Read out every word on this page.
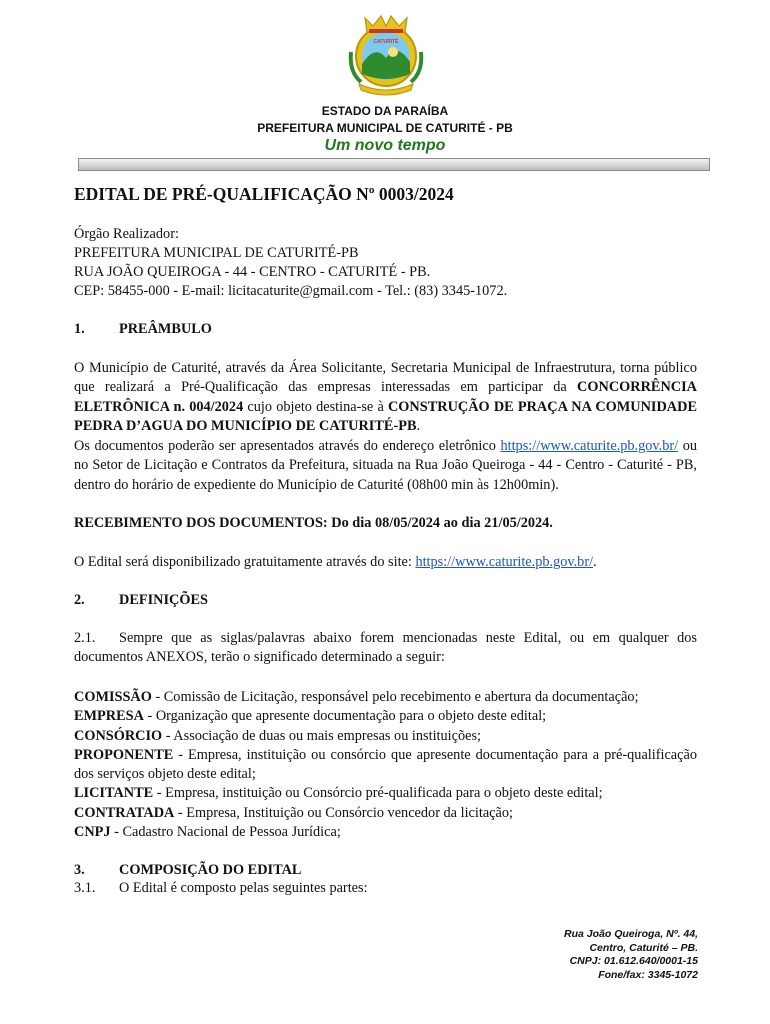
CATURITÉ
ESTADO DA PARAÍBA
PREFEITURA MUNICIPAL DE CATURITÉ - PB
Um novo tempo
EDITAL DE PRÉ-QUALIFICAÇÃO Nº 0003/2024
Órgão Realizador:
PREFEITURA MUNICIPAL DE CATURITÉ-PB
RUA JOÃO QUEIROGA - 44 - CENTRO - CATURITÉ - PB.
CEP: 58455-000 - E-mail: licitacaturite@gmail.com - Tel.: (83) 3345-1072.
1. PREÂMBULO

O Município de Caturité, através da Área Solicitante, Secretaria Municipal de Infraestrutura, torna público que realizará a Pré-Qualificação das empresas interessadas em participar da CONCORRÊNCIA ELETRÔNICA n. 004/2024 cujo objeto destina-se à CONSTRUÇÃO DE PRAÇA NA COMUNIDADE PEDRA D’AGUA DO MUNICÍPIO DE CATURITÉ-PB.

Os documentos poderão ser apresentados através do endereço eletrônico https://www.caturite.pb.gov.br/ ou no Setor de Licitação e Contratos da Prefeitura, situada na Rua João Queiroga - 44 - Centro - Caturité - PB, dentro do horário de expediente do Município de Caturité (08h00 min às 12h00min).

RECEBIMENTO DOS DOCUMENTOS: Do dia 08/05/2024 ao dia 21/05/2024.
O Edital será disponibilizado gratuitamente através do site: https://www.caturite.pb.gov.br/.
2. DEFINIÇÕES

2.1. Sempre que as siglas/palavras abaixo forem mencionadas neste Edital, ou em qualquer dos documentos ANEXOS, terão o significado determinado a seguir:

COMISSÃO - Comissão de Licitação, responsável pelo recebimento e abertura da documentação;
EMPRESA - Organização que apresente documentação para o objeto deste edital;
CONSÓRCIO - Associação de duas ou mais empresas ou instituições;
PROPONENTE - Empresa, instituição ou consórcio que apresente documentação para a pré-qualificação dos serviços objeto deste edital;
LICITANTE - Empresa, instituição ou Consórcio pré-qualificada para o objeto deste edital;
CONTRATADA - Empresa, Instituição ou Consórcio vencedor da licitação;
CNPJ - Cadastro Nacional de Pessoa Jurídica;
3. COMPOSIÇÃO DO EDITAL
3.1. O Edital é composto pelas seguintes partes:
Rua João Queiroga, Nº. 44,
Centro, Caturité – PB.
CNPJ: 01.612.640/0001-15
Fone/fax: 3345-1072
